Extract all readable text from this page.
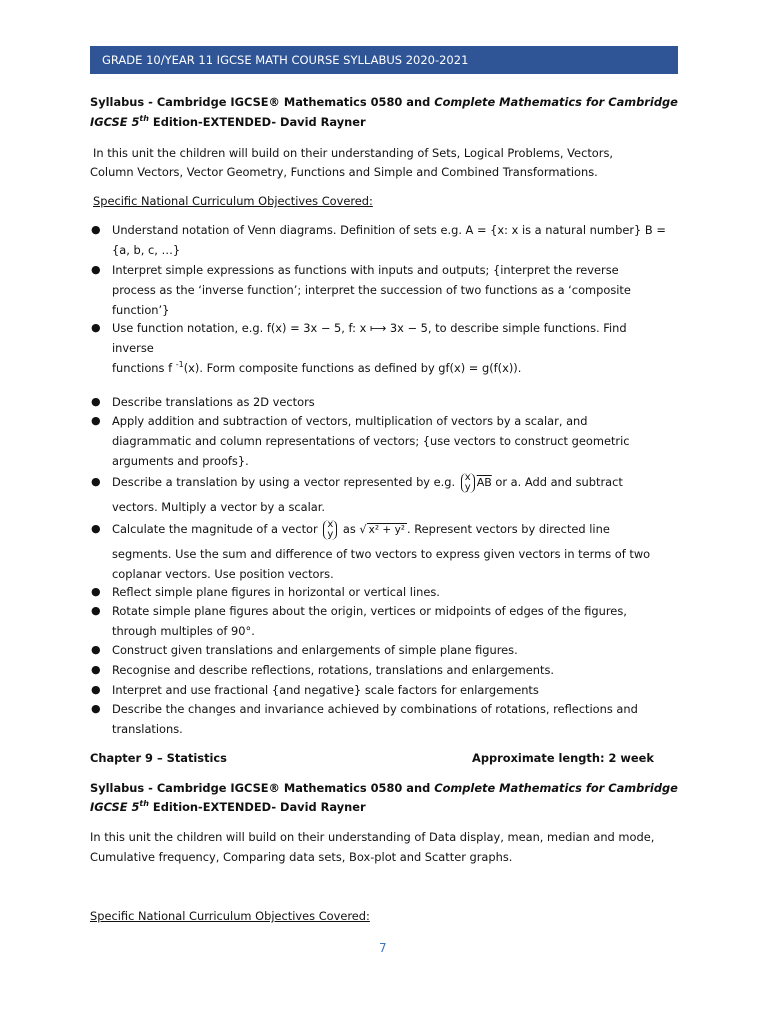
GRADE 10/YEAR 11 IGCSE MATH COURSE SYLLABUS 2020-2021
Syllabus - Cambridge IGCSE® Mathematics 0580 and Complete Mathematics for Cambridge
IGCSE 5th Edition-EXTENDED- David Rayner
In this unit the children will build on their understanding of Sets, Logical Problems, Vectors,
Column Vectors, Vector Geometry, Functions and Simple and Combined Transformations.
Specific National Curriculum Objectives Covered:
● Understand notation of Venn diagrams. Definition of sets e.g. A = {x: x is a natural number} B =
{a, b, c, …}
● Interpret simple expressions as functions with inputs and outputs; {interpret the reverse
process as the ‘inverse function’; interpret the succession of two functions as a ‘composite
function’}
● Use function notation, e.g. f(x) = 3x − 5, f: x ⟼ 3x − 5, to describe simple functions. Find
inverse
functions f $^{-1}$(x). Form composite functions as defined by gf(x) = g(f(x)).
● Describe translations as 2D vectors
● Apply addition and subtraction of vectors, multiplication of vectors by a scalar, and
diagrammatic and column representations of vectors; {use vectors to construct geometric
arguments and proofs}.
● Describe a translation by using a vector represented by e.g. x
y $\overline{AB}$ or a. Add and subtract
vectors. Multiply a vector by a scalar.
● Calculate the magnitude of a vector x
y as √ x² + y² . Represent vectors by directed line
segments. Use the sum and difference of two vectors to express given vectors in terms of two
coplanar vectors. Use position vectors.
● Reflect simple plane figures in horizontal or vertical lines.
● Rotate simple plane figures about the origin, vertices or midpoints of edges of the figures,
through multiples of 90°.
● Construct given translations and enlargements of simple plane figures.
● Recognise and describe reflections, rotations, translations and enlargements.
● Interpret and use fractional {and negative} scale factors for enlargements
● Describe the changes and invariance achieved by combinations of rotations, reflections and
translations.
Chapter 9 – Statistics	Approximate length: 2 week
Syllabus - Cambridge IGCSE® Mathematics 0580 and Complete Mathematics for Cambridge
IGCSE 5th Edition-EXTENDED- David Rayner
In this unit the children will build on their understanding of Data display, mean, median and mode,
Cumulative frequency, Comparing data sets, Box-plot and Scatter graphs.
Specific National Curriculum Objectives Covered:
7
